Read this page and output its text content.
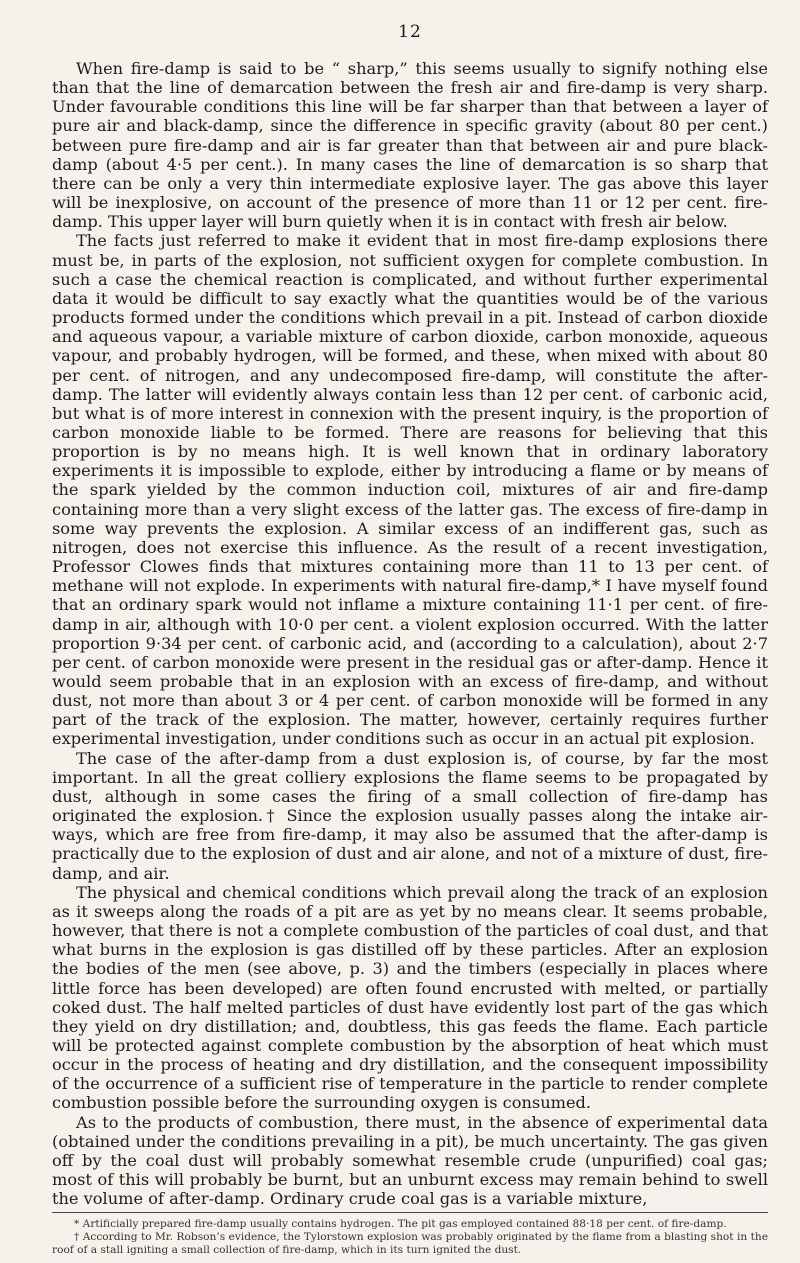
12

When fire-damp is said to be “ sharp,” this seems usually to signify nothing else than that the line of demarcation between the fresh air and fire-damp is very sharp. Under favourable conditions this line will be far sharper than that between a layer of pure air and black-damp, since the difference in specific gravity (about 80 per cent.) between pure fire-damp and air is far greater than that between air and pure black-damp (about 4·5 per cent.). In many cases the line of demarcation is so sharp that there can be only a very thin intermediate explosive layer. The gas above this layer will be inexplosive, on account of the presence of more than 11 or 12 per cent. fire-damp. This upper layer will burn quietly when it is in contact with fresh air below.

The facts just referred to make it evident that in most fire-damp explosions there must be, in parts of the explosion, not sufficient oxygen for complete combustion. In such a case the chemical reaction is complicated, and without further experimental data it would be difficult to say exactly what the quantities would be of the various products formed under the conditions which prevail in a pit. Instead of carbon dioxide and aqueous vapour, a variable mixture of carbon dioxide, carbon monoxide, aqueous vapour, and probably hydrogen, will be formed, and these, when mixed with about 80 per cent. of nitrogen, and any undecomposed fire-damp, will constitute the after-damp. The latter will evidently always contain less than 12 per cent. of carbonic acid, but what is of more interest in connexion with the present inquiry, is the proportion of carbon monoxide liable to be formed. There are reasons for believing that this proportion is by no means high. It is well known that in ordinary laboratory experiments it is impossible to explode, either by introducing a flame or by means of the spark yielded by the common induction coil, mixtures of air and fire-damp containing more than a very slight excess of the latter gas. The excess of fire-damp in some way prevents the explosion. A similar excess of an indifferent gas, such as nitrogen, does not exercise this influence. As the result of a recent investigation, Professor Clowes finds that mixtures containing more than 11 to 13 per cent. of methane will not explode. In experiments with natural fire-damp,* I have myself found that an ordinary spark would not inflame a mixture containing 11·1 per cent. of fire-damp in air, although with 10·0 per cent. a violent explosion occurred. With the latter proportion 9·34 per cent. of carbonic acid, and (according to a calculation), about 2·7 per cent. of carbon monoxide were present in the residual gas or after-damp. Hence it would seem probable that in an explosion with an excess of fire-damp, and without dust, not more than about 3 or 4 per cent. of carbon monoxide will be formed in any part of the track of the explosion. The matter, however, certainly requires further experimental investigation, under conditions such as occur in an actual pit explosion.

The case of the after-damp from a dust explosion is, of course, by far the most important. In all the great colliery explosions the flame seems to be propagated by dust, although in some cases the firing of a small collection of fire-damp has originated the explosion.† Since the explosion usually passes along the intake air-ways, which are free from fire-damp, it may also be assumed that the after-damp is practically due to the explosion of dust and air alone, and not of a mixture of dust, fire-damp, and air.

The physical and chemical conditions which prevail along the track of an explosion as it sweeps along the roads of a pit are as yet by no means clear. It seems probable, however, that there is not a complete combustion of the particles of coal dust, and that what burns in the explosion is gas distilled off by these particles. After an explosion the bodies of the men (see above, p. 3) and the timbers (especially in places where little force has been developed) are often found encrusted with melted, or partially coked dust. The half melted particles of dust have evidently lost part of the gas which they yield on dry distillation; and, doubtless, this gas feeds the flame. Each particle will be protected against complete combustion by the absorption of heat which must occur in the process of heating and dry distillation, and the consequent impossibility of the occurrence of a sufficient rise of temperature in the particle to render complete combustion possible before the surrounding oxygen is consumed.

As to the products of combustion, there must, in the absence of experimental data (obtained under the conditions prevailing in a pit), be much uncertainty. The gas given off by the coal dust will probably somewhat resemble crude (unpurified) coal gas; most of this will probably be burnt, but an unburnt excess may remain behind to swell the volume of after-damp. Ordinary crude coal gas is a variable mixture,

* Artificially prepared fire-damp usually contains hydrogen. The pit gas employed contained 88·18 per cent. of fire-damp.

† According to Mr. Robson’s evidence, the Tylorstown explosion was probably originated by the flame from a blasting shot in the roof of a stall igniting a small collection of fire-damp, which in its turn ignited the dust.
